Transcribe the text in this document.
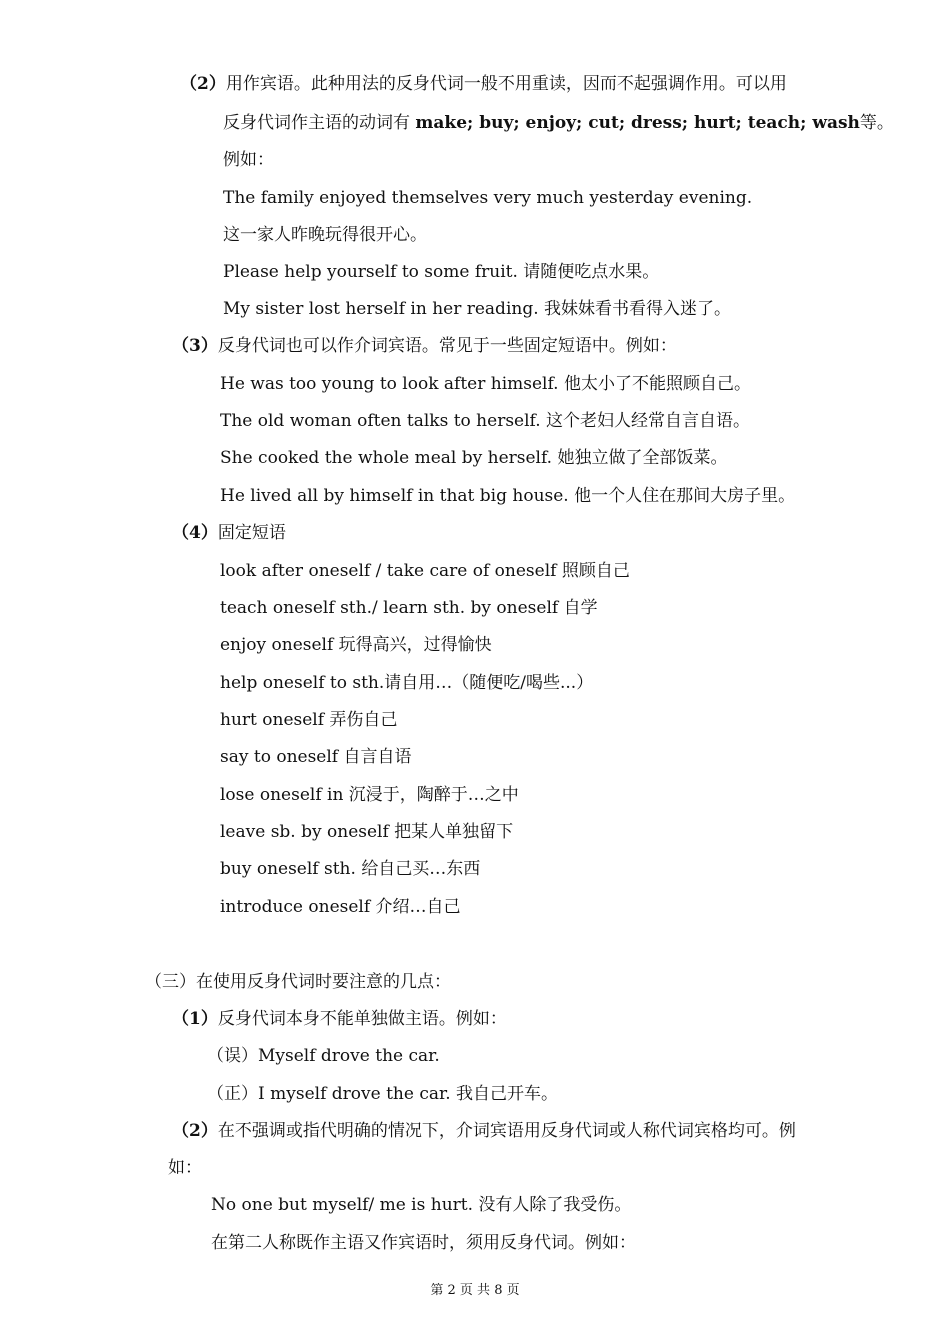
（2）用作宾语。此种用法的反身代词一般不用重读，因而不起强调作用。可以用
反身代词作主语的动词有 make; buy; enjoy; cut; dress; hurt; teach; wash等。
例如：
The family enjoyed themselves very much yesterday evening.
这一家人昨晚玩得很开心。
Please help yourself to some fruit. 请随便吃点水果。
My sister lost herself in her reading. 我妹妹看书看得入迷了。
（3）反身代词也可以作介词宾语。常见于一些固定短语中。例如：
He was too young to look after himself. 他太小了不能照顾自己。
The old woman often talks to herself. 这个老妇人经常自言自语。
She cooked the whole meal by herself. 她独立做了全部饭菜。
He lived all by himself in that big house. 他一个人住在那间大房子里。
（4）固定短语
look after oneself / take care of oneself 照顾自己
teach oneself sth./ learn sth. by oneself 自学
enjoy oneself 玩得高兴，过得愉快
help oneself to sth.请自用…（随便吃/喝些...）
hurt oneself 弄伤自己
say to oneself 自言自语
lose oneself in 沉浸于，陶醉于…之中
leave sb. by oneself 把某人单独留下
buy oneself sth. 给自己买…东西
introduce oneself 介绍…自己
（三）在使用反身代词时要注意的几点：
（1）反身代词本身不能单独做主语。例如：
（误）Myself drove the car.
（正）I myself drove the car. 我自己开车。
（2）在不强调或指代明确的情况下，介词宾语用反身代词或人称代词宾格均可。例
如：
No one but myself/ me is hurt. 没有人除了我受伤。
在第二人称既作主语又作宾语时，须用反身代词。例如：
第 2 页 共 8 页
